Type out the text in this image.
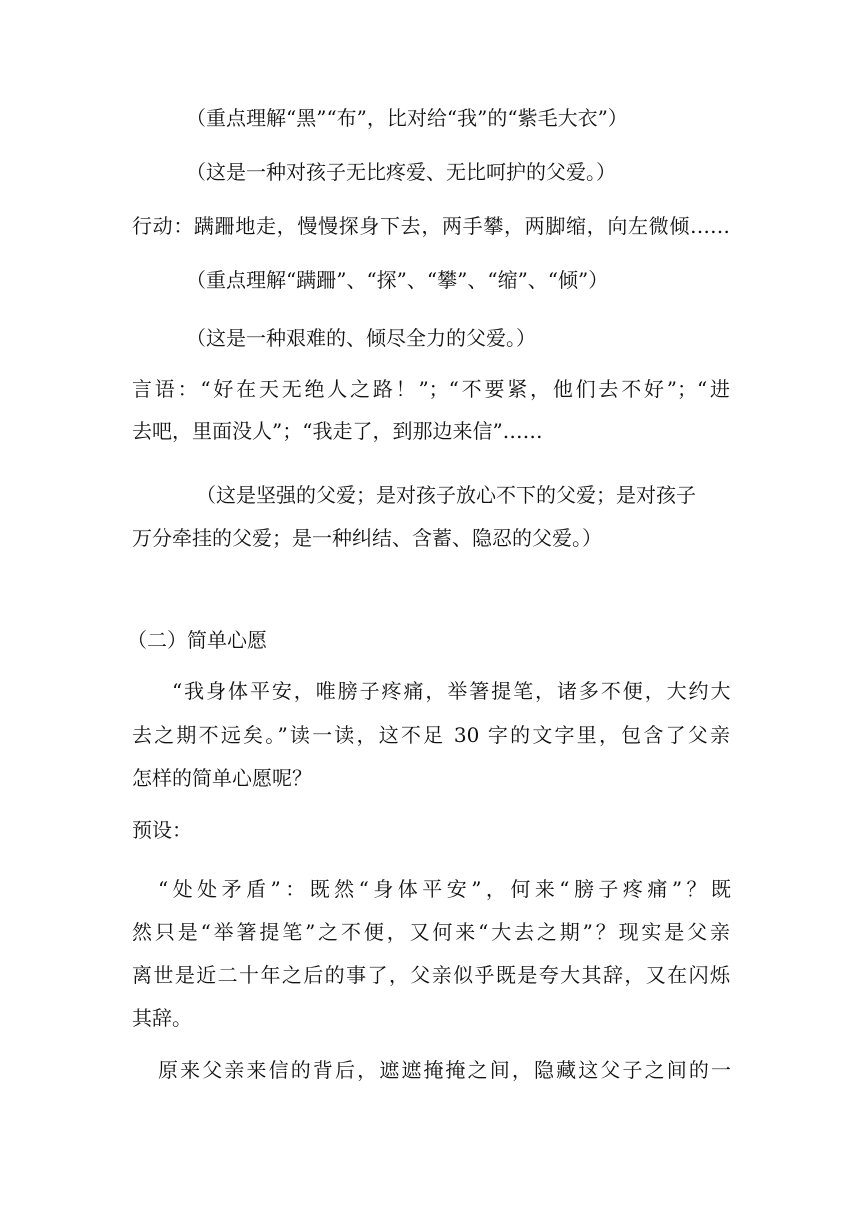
（重点理解“黑”“布”，比对给“我”的“紫毛大衣”）

（这是一种对孩子无比疼爱、无比呵护的父爱。）

行动：蹒跚地走，慢慢探身下去，两手攀，两脚缩，向左微倾……

（重点理解“蹒跚”、“探”、“攀”、“缩”、“倾”）

（这是一种艰难的、倾尽全力的父爱。）

言语：“好在天无绝人之路！”；“不要紧，他们去不好”；“进

去吧，里面没人”；“我走了，到那边来信”……

（这是坚强的父爱；是对孩子放心不下的父爱；是对孩子

万分牵挂的父爱；是一种纠结、含蓄、隐忍的父爱。）

（二）简单心愿

“我身体平安，唯膀子疼痛，举箸提笔，诸多不便，大约大

去之期不远矣。”读一读，这不足 30 字的文字里，包含了父亲

怎样的简单心愿呢？

预设：

“处处矛盾”：既然“身体平安”，何来“膀子疼痛”？既

然只是“举箸提笔”之不便，又何来“大去之期”？现实是父亲

离世是近二十年之后的事了，父亲似乎既是夸大其辞，又在闪烁

其辞。

原来父亲来信的背后，遮遮掩掩之间，隐藏这父子之间的一
